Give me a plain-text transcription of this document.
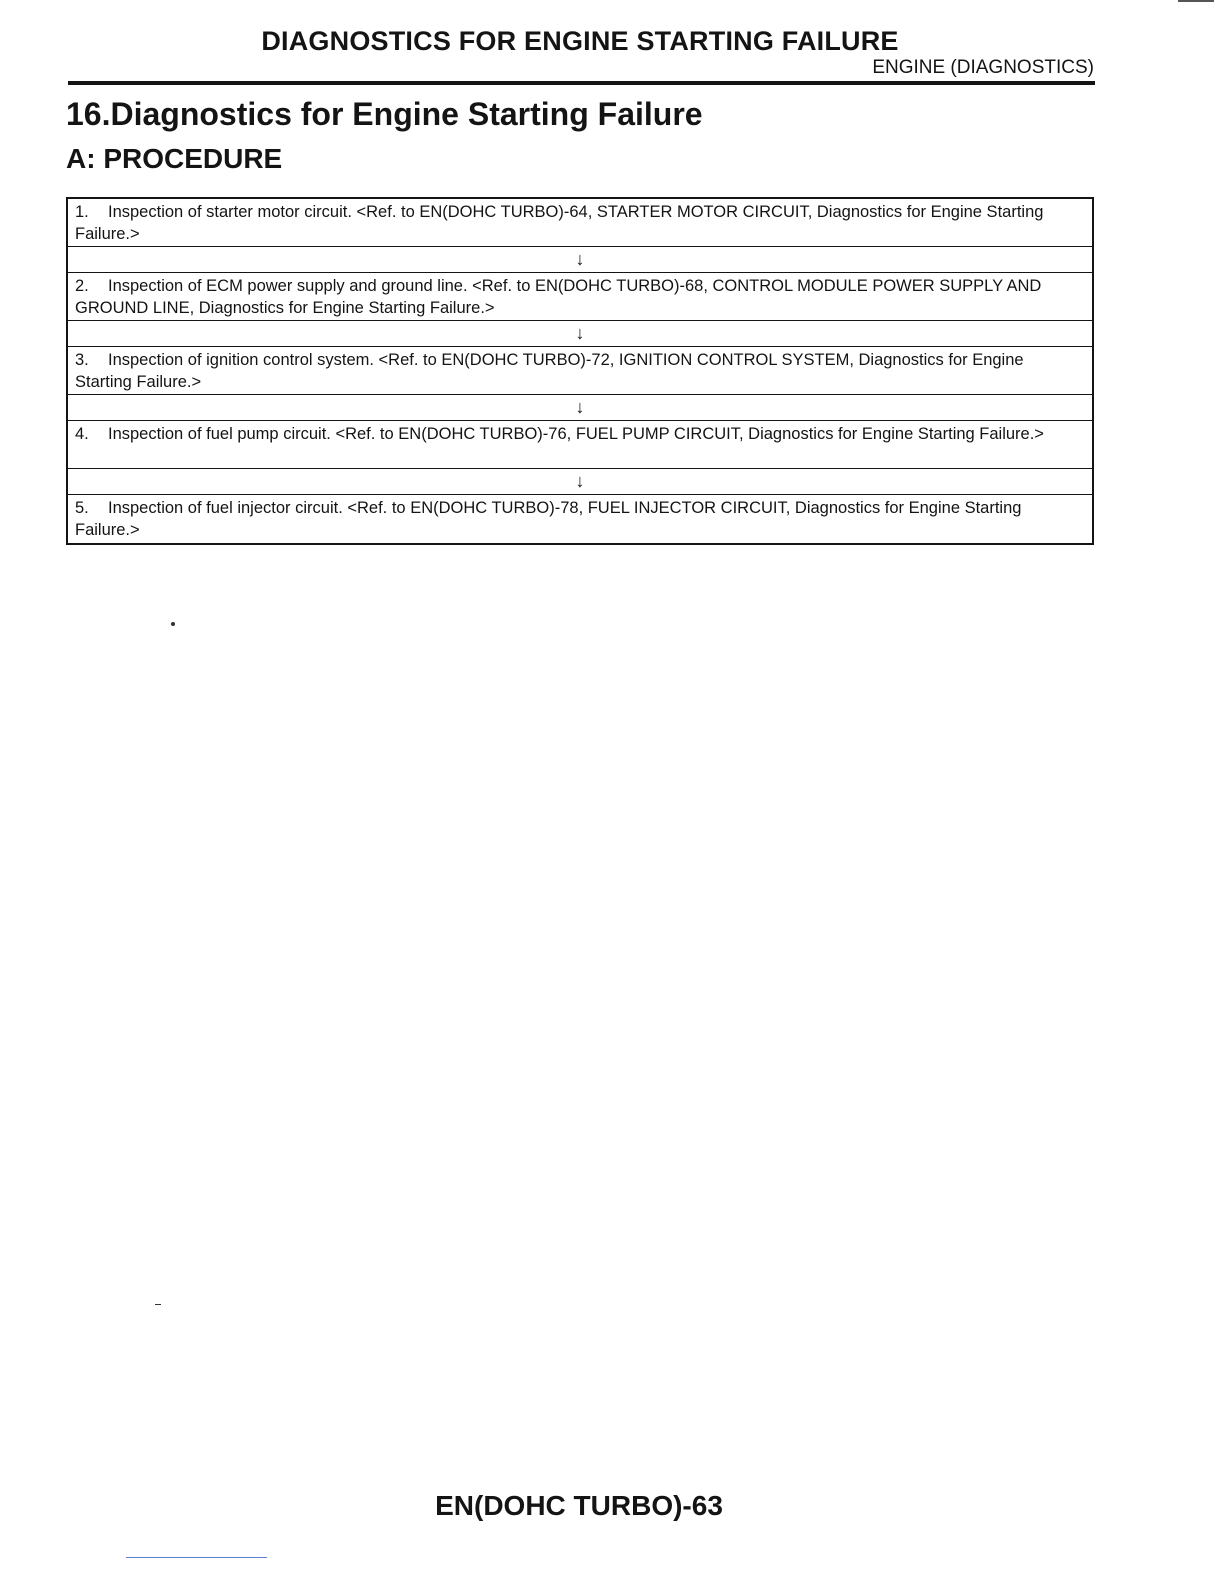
DIAGNOSTICS FOR ENGINE STARTING FAILURE
ENGINE (DIAGNOSTICS)
16.Diagnostics for Engine Starting Failure
A: PROCEDURE
1. Inspection of starter motor circuit. <Ref. to EN(DOHC TURBO)-64, STARTER MOTOR CIRCUIT, Diagnostics for Engine Starting Failure.>
↓
2. Inspection of ECM power supply and ground line. <Ref. to EN(DOHC TURBO)-68, CONTROL MODULE POWER SUPPLY AND GROUND LINE, Diagnostics for Engine Starting Failure.>
↓
3. Inspection of ignition control system. <Ref. to EN(DOHC TURBO)-72, IGNITION CONTROL SYSTEM, Diagnostics for Engine Starting Failure.>
↓
4. Inspection of fuel pump circuit. <Ref. to EN(DOHC TURBO)-76, FUEL PUMP CIRCUIT, Diagnostics for Engine Starting Failure.>
↓
5. Inspection of fuel injector circuit. <Ref. to EN(DOHC TURBO)-78, FUEL INJECTOR CIRCUIT, Diagnostics for Engine Starting Failure.>
EN(DOHC TURBO)-63
